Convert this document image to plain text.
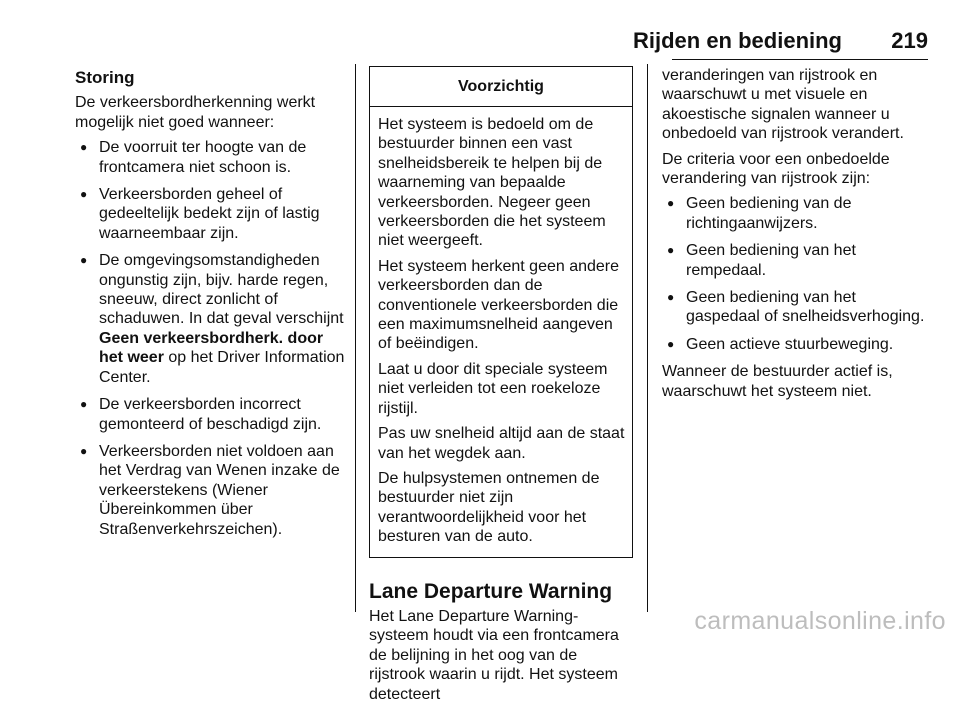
Rijden en bediening 219
Storing

De verkeersbordherkenning werkt mogelijk niet goed wanneer:

● De voorruit ter hoogte van de frontcamera niet schoon is.
● Verkeersborden geheel of gedeeltelijk bedekt zijn of lastig waarneembaar zijn.
● De omgevingsomstandigheden ongunstig zijn, bijv. harde regen, sneeuw, direct zonlicht of schaduwen. In dat geval verschijnt Geen verkeersbordherk. door het weer op het Driver Information Center.
● De verkeersborden incorrect gemonteerd of beschadigd zijn.
● Verkeersborden niet voldoen aan het Verdrag van Wenen inzake de verkeerstekens (Wiener Übereinkommen über Straßenverkehrszeichen).
Voorzichtig

Het systeem is bedoeld om de bestuurder binnen een vast snelheidsbereik te helpen bij de waarneming van bepaalde verkeersborden. Negeer geen verkeersborden die het systeem niet weergeeft.

Het systeem herkent geen andere verkeersborden dan de conventionele verkeersborden die een maximumsnelheid aangeven of beëindigen.

Laat u door dit speciale systeem niet verleiden tot een roekeloze rijstijl.

Pas uw snelheid altijd aan de staat van het wegdek aan.

De hulpsystemen ontnemen de bestuurder niet zijn verantwoordelijkheid voor het besturen van de auto.

Lane Departure Warning

Het Lane Departure Warning-systeem houdt via een frontcamera de belijning in het oog van de rijstrook waarin u rijdt. Het systeem detecteert

veranderingen van rijstrook en waarschuwt u met visuele en akoestische signalen wanneer u onbedoeld van rijstrook verandert.

De criteria voor een onbedoelde verandering van rijstrook zijn:

● Geen bediening van de richtingaanwijzers.
● Geen bediening van het rempedaal.
● Geen bediening van het gaspedaal of snelheidsverhoging.
● Geen actieve stuurbeweging.

Wanneer de bestuurder actief is, waarschuwt het systeem niet.

carmanualsonline.info
